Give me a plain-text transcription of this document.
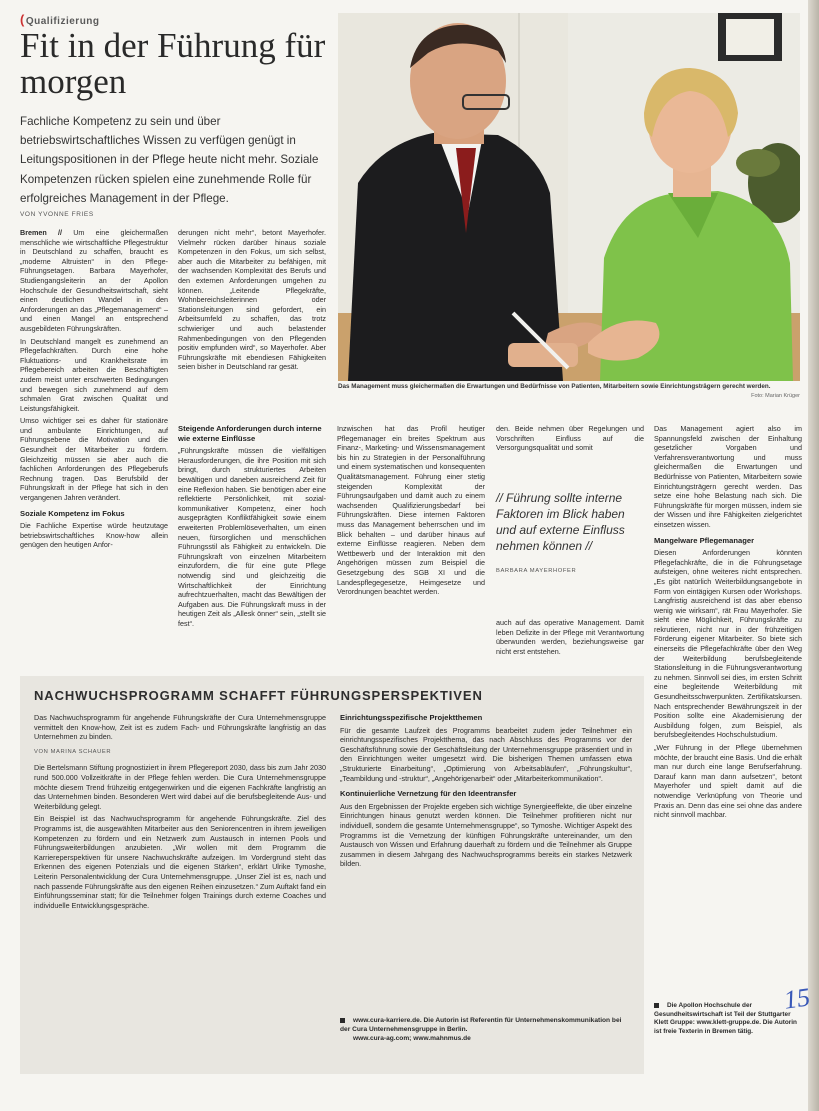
(Qualifizierung
Fit in der Führung für morgen
Fachliche Kompetenz zu sein und über betriebswirtschaftliches Wissen zu verfügen genügt in Leitungspositionen in der Pflege heute nicht mehr. Soziale Kompetenzen rücken spielen eine zunehmende Rolle für erfolgreiches Management in der Pflege.
VON YVONNE FRIES
Das Management muss gleichermaßen die Erwartungen und Bedürfnisse von Patienten, Mitarbeitern sowie Einrichtungsträgern gerecht werden.
Foto: Marian Krüger

Bremen // Um eine gleichermaßen menschliche wie wirtschaftliche Pflegestruktur in Deutschland zu schaffen, braucht es „moderne Altruisten“ in den Pflege-Führungsetagen. Barbara Mayerhofer, Studiengangsleiterin an der Apollon Hochschule der Gesundheitswirtschaft, sieht einen deutlichen Wandel in den Anforderungen an das „Pflegemanagement“ – und einen Mangel an entsprechend ausgebildeten Führungskräften.

In Deutschland mangelt es zunehmend an Pflegefachkräften. Durch eine hohe Fluktuations- und Krankheitsrate im Pflegebereich arbeiten die Beschäftigten zudem meist unter erschwerten Bedingungen und bewegen sich zunehmend auf dem schmalen Grat zwischen Qualität und Leistungsfähigkeit.

Umso wichtiger sei es daher für stationäre und ambulante Einrichtungen, auf Führungsebene die Motivation und die Gesundheit der Mitarbeiter zu fördern. Gleichzeitig müssen sie aber auch die fachlichen Anforderungen des Pflegeberufs Rechnung tragen. Das Berufsbild der Führungskraft in der Pflege hat sich in den vergangenen Jahren verändert.

Soziale Kompetenz im Fokus

Die Fachliche Expertise würde heutzutage betriebswirtschaftliches Know-how allein genügen den heutigen Anfor-

derungen nicht mehr“, betont Mayerhofer. Vielmehr rücken darüber hinaus soziale Kompetenzen in den Fokus, um sich selbst, aber auch die Mitarbeiter zu befähigen, mit der wachsenden Komplexität des Berufs und den externen Anforderungen umgehen zu können. „Leitende Pflegekräfte, Wohnbereichsleiterinnen oder Stationsleitungen sind gefordert, ein Arbeitsumfeld zu schaffen, das trotz schwieriger und auch belastender Rahmenbedingungen von den Pflegenden positiv empfunden wird“, so Mayerhofer. Aber Führungskräfte mit ebendiesen Fähigkeiten seien bisher in Deutschland rar gesät.

Steigende Anforderungen durch interne wie externe Einflüsse

„Führungskräfte müssen die vielfältigen Herausforderungen, die ihre Position mit sich bringt, durch strukturiertes Arbeiten bewältigen und daneben ausreichend Zeit für eine Reflexion haben. Sie benötigen aber eine reflektierte Persönlichkeit, mit sozial-kommunikativer Kompetenz, einer hoch ausgeprägten Konfliktfähigkeit sowie einem erweiterten Problemlöseverhalten, um einen neuen, fürsorglichen und menschlichen Führungsstil als Fähigkeit zu entwickeln. Die Führungskraft von einzelnen Mitarbeitern einzufordern, die für eine gute Pflege notwendig sind und gleichzeitig die Wirtschaftlichkeit der Einrichtung aufrechtzuerhalten, macht das Bewältigen der Aufgaben aus. Die Führungskraft muss in der heutigen Zeit als „Allesk önner“ sein, „stellt sie fest“.

Inzwischen hat das Profil heutiger Pflegemanager ein breites Spektrum aus Finanz-, Marketing- und Wissensmanagement bis hin zu Strategien in der Personalführung und einem systematischen und konsequenten Qualitätsmanagement. Führung einer stetig steigenden Komplexität der Führungsaufgaben und damit auch zu einem wachsenden Qualifizierungsbedarf bei Führungskräften. Diese internen Faktoren muss das Management beherrschen und im Blick behalten – und darüber hinaus auf externe Einflüsse reagieren. Neben dem Wettbewerb und der Interaktion mit den Angehörigen müssen zum Beispiel die Gesetzgebung des SGB XI und die Landespflegegesetze, Heimgesetze und Verordnungen beachtet werden.

den. Beide nehmen über Regelungen und Vorschriften Einfluss auf die Versorgungsqualität und somit

// Führung sollte interne Faktoren im Blick haben und auf externe Einfluss nehmen können //
BARBARA MAYERHOFER

auch auf das operative Management. Damit leben Defizite in der Pflege mit Verantwortung überwunden werden, beziehungsweise gar nicht erst entstehen.

Das Management agiert also im Spannungsfeld zwischen der Einhaltung gesetzlicher Vorgaben und Verfahrensverantwortung und muss gleichermaßen die Erwartungen und Bedürfnisse von Patienten, Mitarbeitern sowie Einrichtungsträgern gerecht werden. Das setze eine hohe Belastung nach sich. Die Führungskräfte für morgen müssen, indem sie der Wissen und ihre Fähigkeiten zielgerichtet einsetzen wissen.

Mangelware Pflegemanager

Diesen Anforderungen könnten Pflegefachkräfte, die in die Führungsetage aufsteigen, ohne weiteres nicht entsprechen. „Es gibt natürlich Weiterbildungsangebote in Form von eintägigen Kursen oder Workshops. Langfristig ausreichend ist das aber ebenso wenig wie wirksam“, rät Frau Mayerhofer. Sie sieht eine Möglichkeit, Führungskräfte zu rekrutieren, nicht nur in der frühzeitigen Förderung eigener Mitarbeiter. So biete sich einerseits die Pflegefachkräfte über den Weg der Weiterbildung berufsbegleitende Stationsleitung in die Führungsverantwortung zu nehmen. Sinnvoll sei dies, im ersten Schritt eine begleitende Weiterbildung mit Gesundheitsschwerpunkten. Zertifikatskursen. Nach entsprechender Bewährungszeit in der Position sollte eine Akademisierung der Ausbildung folgen, zum Beispiel, als berufsbegleitendes Hochschulstudium.

„Wer Führung in der Pflege übernehmen möchte, der braucht eine Basis. Und die erhält man nur durch eine lange Berufserfahrung. Darauf kann man dann aufsetzen“, betont Mayerhofer und spielt damit auf die notwendige Verknüpfung von Theorie und Praxis an. Denn das eine sei ohne das andere nicht sinnvoll machbar.

NACHWUCHSPROGRAMM SCHAFFT FÜHRUNGSPERSPEKTIVEN

Das Nachwuchsprogramm für angehende Führungskräfte der Cura Unternehmensgruppe vermittelt den Know-how, Zeit ist es zudem Fach- und Führungskräfte langfristig an das Unternehmen zu binden.

VON MARINA SCHAUER

Die Bertelsmann Stiftung prognostiziert in ihrem Pflegereport 2030, dass bis zum Jahr 2030 rund 500.000 Vollzeitkräfte in der Pflege fehlen werden. Die Cura Unternehmensgruppe möchte diesem Trend frühzeitig entgegenwirken und die eigenen Fachkräfte langfristig an das Unternehmen binden. Besonderen Wert wird dabei auf die berufsbegleitende Aus- und Weiterbildung gelegt.

Ein Beispiel ist das Nachwuchsprogramm für angehende Führungskräfte. Ziel des Programms ist, die ausgewählten Mitarbeiter aus den Seniorencentren in ihrem jeweiligen Kompetenzen zu fördern und ein Netzwerk zum Austausch in internen Pools und Führungsweiterbildungen anzubieten. „Wir wollen mit dem Programm die Karriereperspektiven für unsere Nachwuchskräfte aufzeigen. Im Vordergrund steht das Erkennen des eigenen Potenzials und die eigenen Stärken“, erklärt Ulrike Tymoshe, Leiterin Personalentwicklung der Cura Unternehmensgruppe. „Unser Ziel ist es, nach und nach passende Führungskräfte aus den eigenen Reihen einzusetzen.“ Zum Auftakt fand ein Einführungsseminar statt; für die Teilnehmer folgen Trainings durch externe Coaches und individuelle Entwicklungsgespräche.

Einrichtungsspezifische Projektthemen

Für die gesamte Laufzeit des Programms bearbeitet zudem jeder Teilnehmer ein einrichtungsspezifisches Projektthema, das nach Abschluss des Programms vor der Geschäftsführung sowie der Geschäftsleitung der Unternehmensgruppe präsentiert und in den Einrichtungen weiter umgesetzt wird. Die bisherigen Themen umfassen etwa „Strukturierte Einarbeitung“, „Optimierung von Arbeitsabläufen“, „Führungskultur“, „Teambildung und -struktur“, „Angehörigenarbeit“ oder „Mitarbeiterkommunikation“.

Kontinuierliche Vernetzung für den Ideentransfer

Aus den Ergebnissen der Projekte ergeben sich wichtige Synergieeffekte, die über einzelne Einrichtungen hinaus genutzt werden können. Die Teilnehmer profitieren nicht nur individuell, sondern die gesamte Unternehmensgruppe“, so Tymoshe. Wichtiger Aspekt des Programms ist die Vernetzung der künftigen Führungskräfte untereinander, um den Austausch von Wissen und Erfahrung dauerhaft zu fördern und die Teilnehmer als Gruppe zusammen in diesem Jahrgang des Nachwuchsprogramms bereits ein starkes Netzwerk bilden.

www.cura-karriere.de. Die Autorin ist Referentin für Unternehmenskommunikation bei der Cura Unternehmensgruppe in Berlin.
www.cura-ag.com; www.mahnmus.de
Die Apollon Hochschule der Gesundheitswirtschaft ist Teil der Stuttgarter Klett Gruppe: www.klett-gruppe.de. Die Autorin ist freie Texterin in Bremen tätig.
15
